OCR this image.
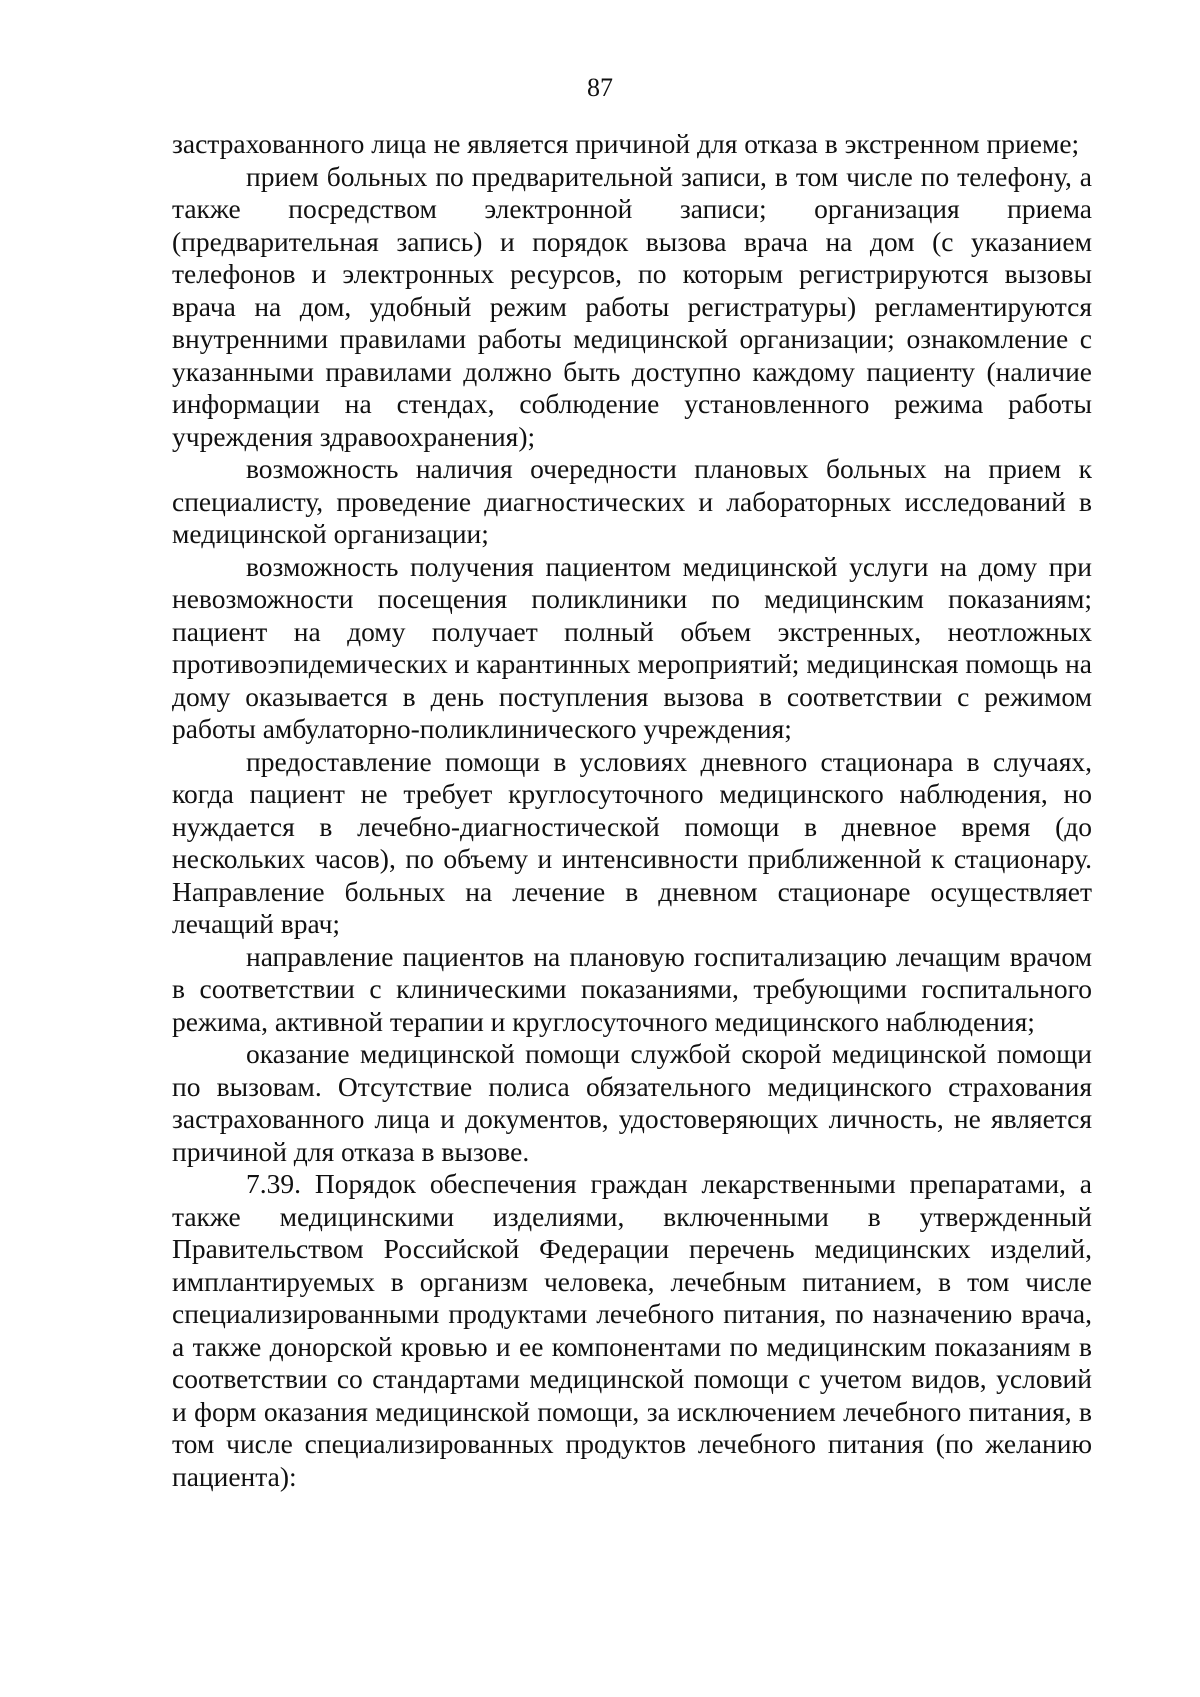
87

застрахованного лица не является причиной для отказа в экстренном приеме;

прием больных по предварительной записи, в том числе по телефону, а также посредством электронной записи; организация приема (предварительная запись) и порядок вызова врача на дом (с указанием телефонов и электронных ресурсов, по которым регистрируются вызовы врача на дом, удобный режим работы регистратуры) регламентируются внутренними правилами работы медицинской организации; ознакомление с указанными правилами должно быть доступно каждому пациенту (наличие информации на стендах, соблюдение установленного режима работы учреждения здравоохранения);

возможность наличия очередности плановых больных на прием к специалисту, проведение диагностических и лабораторных исследований в медицинской организации;

возможность получения пациентом медицинской услуги на дому при невозможности посещения поликлиники по медицинским показаниям; пациент на дому получает полный объем экстренных, неотложных противоэпидемических и карантинных мероприятий; медицинская помощь на дому оказывается в день поступления вызова в соответствии с режимом работы амбулаторно-поликлинического учреждения;

предоставление помощи в условиях дневного стационара в случаях, когда пациент не требует круглосуточного медицинского наблюдения, но нуждается в лечебно-диагностической помощи в дневное время (до нескольких часов), по объему и интенсивности приближенной к стационару. Направление больных на лечение в дневном стационаре осуществляет лечащий врач;

направление пациентов на плановую госпитализацию лечащим врачом в соответствии с клиническими показаниями, требующими госпитального режима, активной терапии и круглосуточного медицинского наблюдения;

оказание медицинской помощи службой скорой медицинской помощи по вызовам. Отсутствие полиса обязательного медицинского страхования застрахованного лица и документов, удостоверяющих личность, не является причиной для отказа в вызове.

7.39. Порядок обеспечения граждан лекарственными препаратами, а также медицинскими изделиями, включенными в утвержденный Правительством Российской Федерации перечень медицинских изделий, имплантируемых в организм человека, лечебным питанием, в том числе специализированными продуктами лечебного питания, по назначению врача, а также донорской кровью и ее компонентами по медицинским показаниям в соответствии со стандартами медицинской помощи с учетом видов, условий и форм оказания медицинской помощи, за исключением лечебного питания, в том числе специализированных продуктов лечебного питания (по желанию пациента):
